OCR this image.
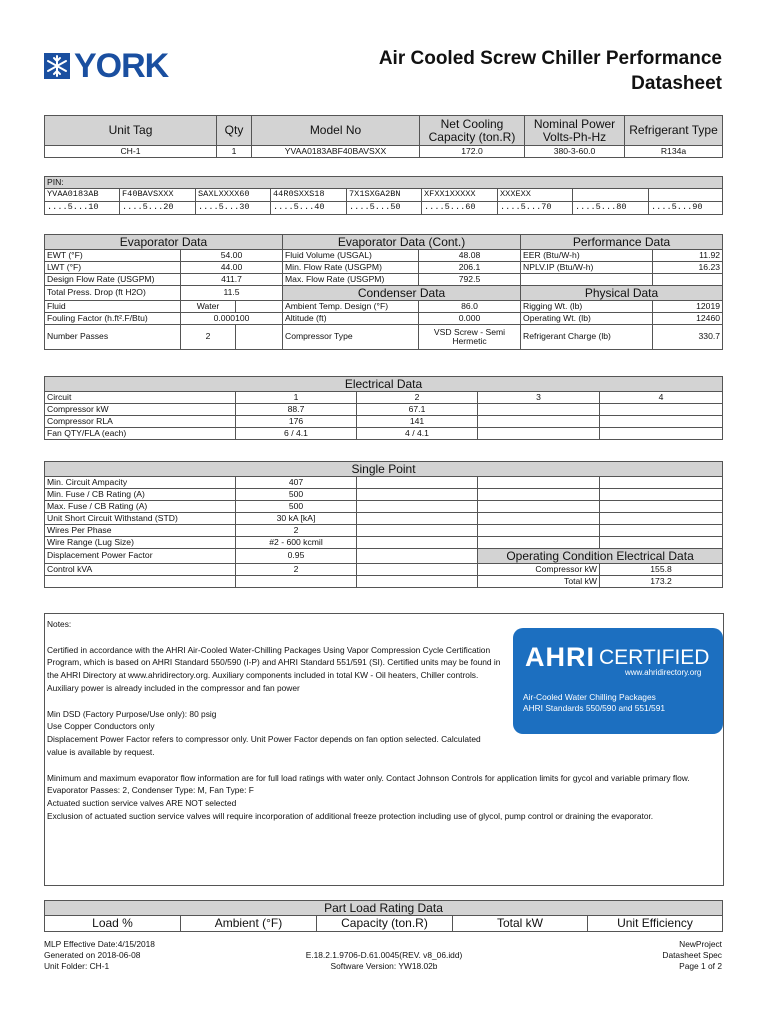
YORK	Air Cooled Screw Chiller Performance
Datasheet
Unit Tag	Qty	Model No	Net Cooling Capacity (ton.R)	Nominal Power Volts-Ph-Hz	Refrigerant Type
CH-1	1	YVAA0183ABF40BAVSXX	172.0	380-3-60.0	R134a
PIN:								
YVAA0183AB	F40BAVSXXX	SAXLXXXX60	44R0SXXS18	7X1SXGA2BN	XFXX1XXXXX	XXXEXX		
....5...10	....5...20	....5...30	....5...40	....5...50	....5...60	....5...70	....5...80	....5...90
Evaporator Data			Evaporator Data (Cont.)		Performance Data	
EWT (°F)	54.00		Fluid Volume (USGAL)	48.08	EER (Btu/W-h)	11.92
LWT (°F)	44.00		Min. Flow Rate (USGPM)	206.1	NPLV.IP (Btu/W-h)	16.23
Design Flow Rate (USGPM)	411.7		Max. Flow Rate (USGPM)	792.5		
Total Press. Drop (ft H2O)	11.5		Condenser Data		Physical Data	
Fluid	Water		Ambient Temp. Design (°F)	86.0	Rigging Wt. (lb)	12019
Fouling Factor (h.ft².F/Btu)	0.000100		Altitude (ft)	0.000	Operating Wt. (lb)	12460
Number Passes	2		Compressor Type	VSD Screw - Semi Hermetic	Refrigerant Charge (lb)	330.7
Electrical Data				
Circuit	1	2	3	4
Compressor kW	88.7	67.1		
Compressor RLA	176	141		
Fan QTY/FLA (each)	6 / 4.1	4 / 4.1		
Single Point				
Min. Circuit Ampacity	407			
Min. Fuse / CB Rating (A)	500			
Max. Fuse / CB Rating (A)	500			
Unit Short Circuit Withstand (STD)	30 kA [kA]			
Wires Per Phase	2			
Wire Range (Lug Size)	#2 - 600 kcmil			
Displacement Power Factor	0.95		Operating Condition Electrical Data	
Control kVA	2		Compressor kW	155.8
			Total kW	173.2

Notes:

Certified in accordance with the AHRI Air-Cooled Water-Chilling Packages Using Vapor Compression Cycle Certification Program, which is based on AHRI Standard 550/590 (I-P) and AHRI Standard 551/591 (SI). Certified units may be found in the AHRI Directory at www.ahridirectory.org. Auxiliary components included in total KW - Oil heaters, Chiller controls. Auxiliary power is already included in the compressor and fan power

Min DSD (Factory Purpose/Use only): 80 psig

Use Copper Conductors only

Displacement Power Factor refers to compressor only. Unit Power Factor depends on fan option selected. Calculated value is available by request.

Minimum and maximum evaporator flow information are for full load ratings with water only. Contact Johnson Controls for application limits for gycol and variable primary flow.

Evaporator Passes: 2, Condenser Type: M, Fan Type: F

Actuated suction service valves ARE NOT selected

Exclusion of actuated suction service valves will require incorporation of additional freeze protection including use of glycol, pump control or draining the evaporator.

AHRI CERTIFIED
www.ahridirectory.org
Air-Cooled Water Chilling Packages
AHRI Standards 550/590 and 551/591
Part Load Rating Data
Load %	Ambient (°F)	Capacity (ton.R)	Total kW	Unit Efficiency
MLP Effective Date:4/15/2018
Generated on 2018-06-08
Unit Folder: CH-1
E.18.2.1.9706-D.61.0045(REV. v8_06.idd)
Software Version: YW18.02b
NewProject
Datasheet Spec
Page 1 of 2
